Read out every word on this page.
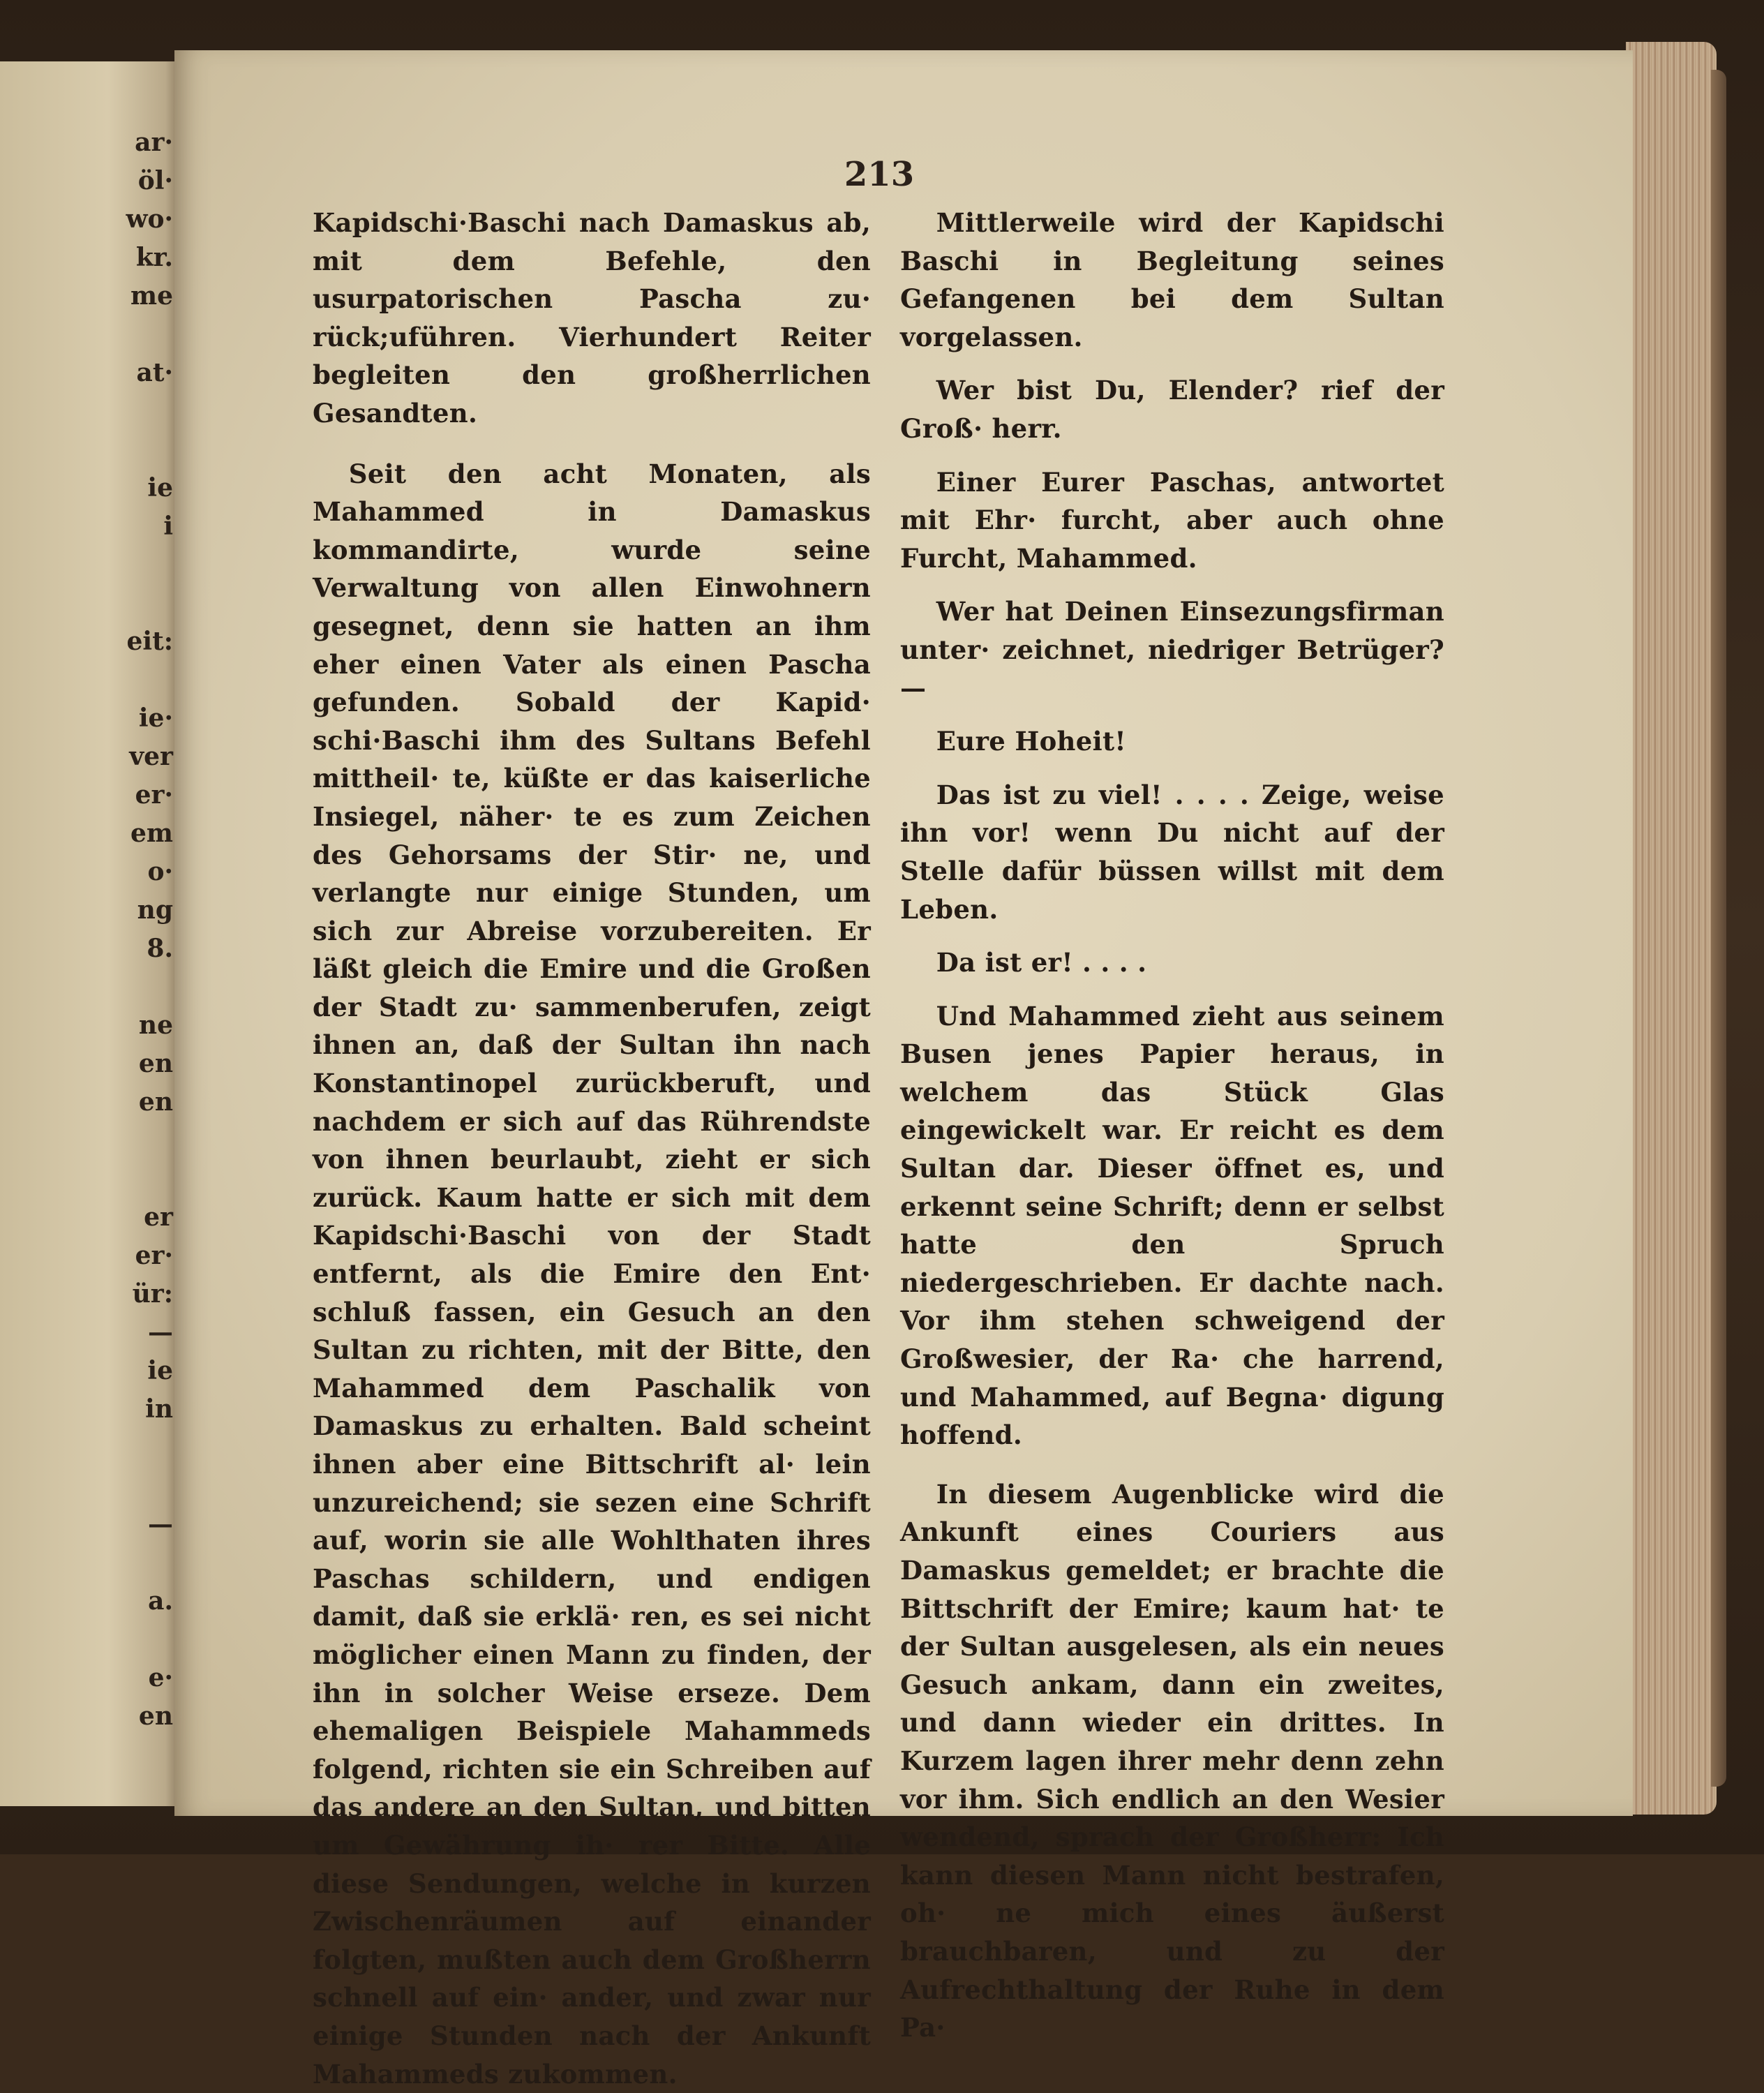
ar·
öl·
wo·
kr.
me
at·
ie
i
eit:
ie·
ver
er·
em
o·
ng
8.
ne
en
en
er
er·
ür:
—
ie
in
—
a.
e·
en
213

Kapidschi·Baschi nach Damaskus ab, mit dem Befehle, den usurpatorischen Pascha zu· rück;uführen. Vierhundert Reiter begleiten den großherrlichen Gesandten.

Seit den acht Monaten, als Mahammed in Damaskus kommandirte, wurde seine Verwaltung von allen Einwohnern gesegnet, denn sie hatten an ihm eher einen Vater als einen Pascha gefunden. Sobald der Kapid· schi·Baschi ihm des Sultans Befehl mittheil· te, küßte er das kaiserliche Insiegel, näher· te es zum Zeichen des Gehorsams der Stir· ne, und verlangte nur einige Stunden, um sich zur Abreise vorzubereiten. Er läßt gleich die Emire und die Großen der Stadt zu· sammenberufen, zeigt ihnen an, daß der Sultan ihn nach Konstantinopel zurückberuft, und nachdem er sich auf das Rührendste von ihnen beurlaubt, zieht er sich zurück. Kaum hatte er sich mit dem Kapidschi·Baschi von der Stadt entfernt, als die Emire den Ent· schluß fassen, ein Gesuch an den Sultan zu richten, mit der Bitte, den Mahammed dem Paschalik von Damaskus zu erhalten. Bald scheint ihnen aber eine Bittschrift al· lein unzureichend; sie sezen eine Schrift auf, worin sie alle Wohlthaten ihres Paschas schildern, und endigen damit, daß sie erklä· ren, es sei nicht möglicher einen Mann zu finden, der ihn in solcher Weise erseze. Dem ehemaligen Beispiele Mahammeds folgend, richten sie ein Schreiben auf das andere an den Sultan, und bitten um Gewährung ih· rer Bitte. Alle diese Sendungen, welche in kurzen Zwischenräumen auf einander folgten, mußten auch dem Großherrn schnell auf ein· ander, und zwar nur einige Stunden nach der Ankunft Mahammeds zukommen.

Mittlerweile wird der Kapidschi Baschi in Begleitung seines Gefangenen bei dem Sultan vorgelassen.

Wer bist Du, Elender? rief der Groß· herr.

Einer Eurer Paschas, antwortet mit Ehr· furcht, aber auch ohne Furcht, Mahammed.

Wer hat Deinen Einsezungsfirman unter· zeichnet, niedriger Betrüger? —

Eure Hoheit!

Das ist zu viel! . . . . Zeige, weise ihn vor! wenn Du nicht auf der Stelle dafür büssen willst mit dem Leben.

Da ist er! . . . .

Und Mahammed zieht aus seinem Busen jenes Papier heraus, in welchem das Stück Glas eingewickelt war. Er reicht es dem Sultan dar. Dieser öffnet es, und erkennt seine Schrift; denn er selbst hatte den Spruch niedergeschrieben. Er dachte nach. Vor ihm stehen schweigend der Großwesier, der Ra· che harrend, und Mahammed, auf Begna· digung hoffend.

In diesem Augenblicke wird die Ankunft eines Couriers aus Damaskus gemeldet; er brachte die Bittschrift der Emire; kaum hat· te der Sultan ausgelesen, als ein neues Gesuch ankam, dann ein zweites, und dann wieder ein drittes. In Kurzem lagen ihrer mehr denn zehn vor ihm. Sich endlich an den Wesier wendend, sprach der Großherr: Ich kann diesen Mann nicht bestrafen, oh· ne mich eines äußerst brauchbaren, und zu der Aufrechthaltung der Ruhe in dem Pa·
